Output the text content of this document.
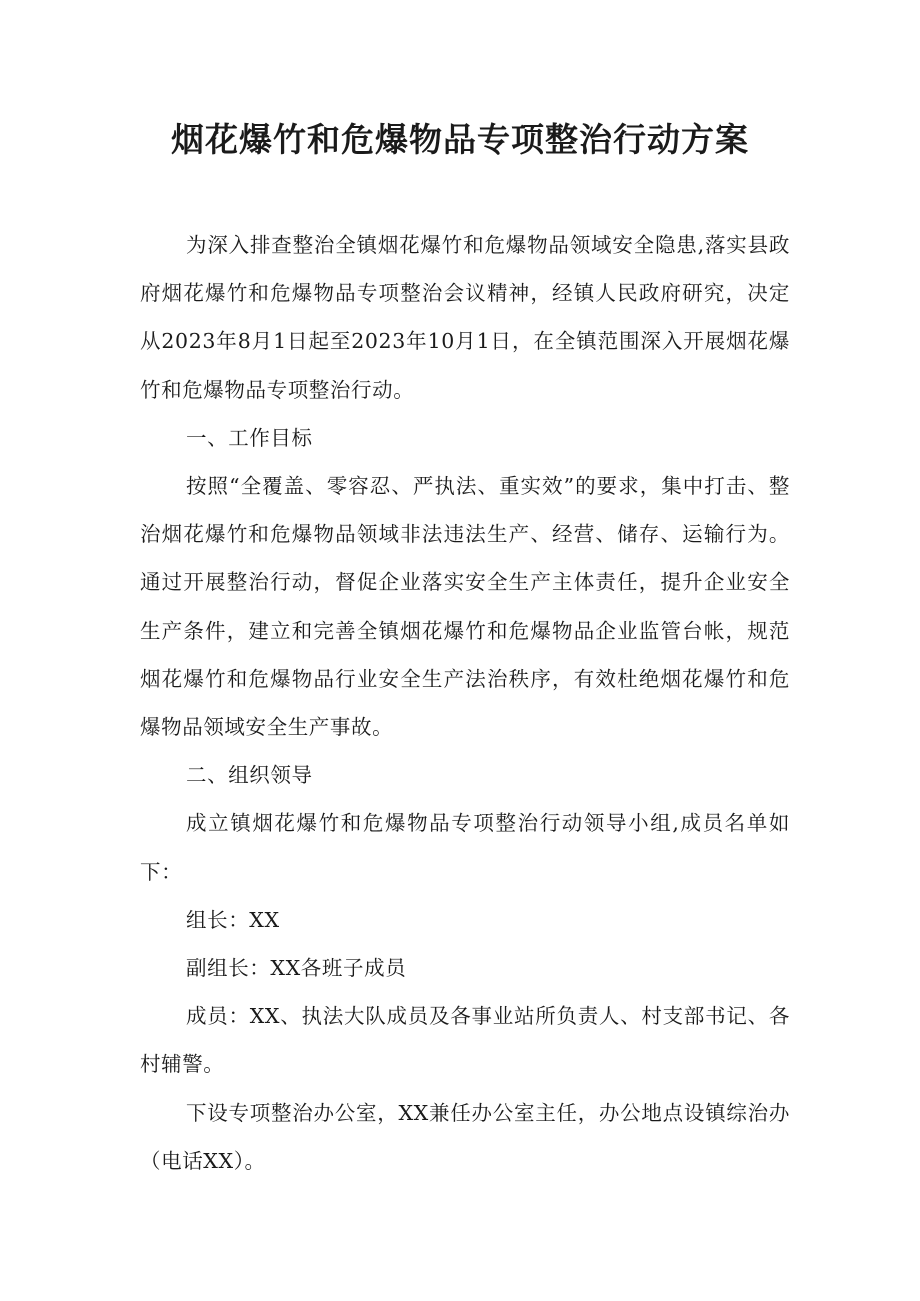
烟花爆竹和危爆物品专项整治行动方案

为深入排查整治全镇烟花爆竹和危爆物品领域安全隐患,落实县政府烟花爆竹和危爆物品专项整治会议精神，经镇人民政府研究，决定从2023年8月1日起至2023年10月1日，在全镇范围深入开展烟花爆竹和危爆物品专项整治行动。

一、工作目标

按照“全覆盖、零容忍、严执法、重实效”的要求，集中打击、整治烟花爆竹和危爆物品领域非法违法生产、经营、储存、运输行为。通过开展整治行动，督促企业落实安全生产主体责任，提升企业安全生产条件，建立和完善全镇烟花爆竹和危爆物品企业监管台帐，规范烟花爆竹和危爆物品行业安全生产法治秩序，有效杜绝烟花爆竹和危爆物品领域安全生产事故。

二、组织领导

成立镇烟花爆竹和危爆物品专项整治行动领导小组,成员名单如下：

组长：XX

副组长：XX各班子成员

成员：XX、执法大队成员及各事业站所负责人、村支部书记、各村辅警。

下设专项整治办公室，XX兼任办公室主任，办公地点设镇综治办（电话XX）。
